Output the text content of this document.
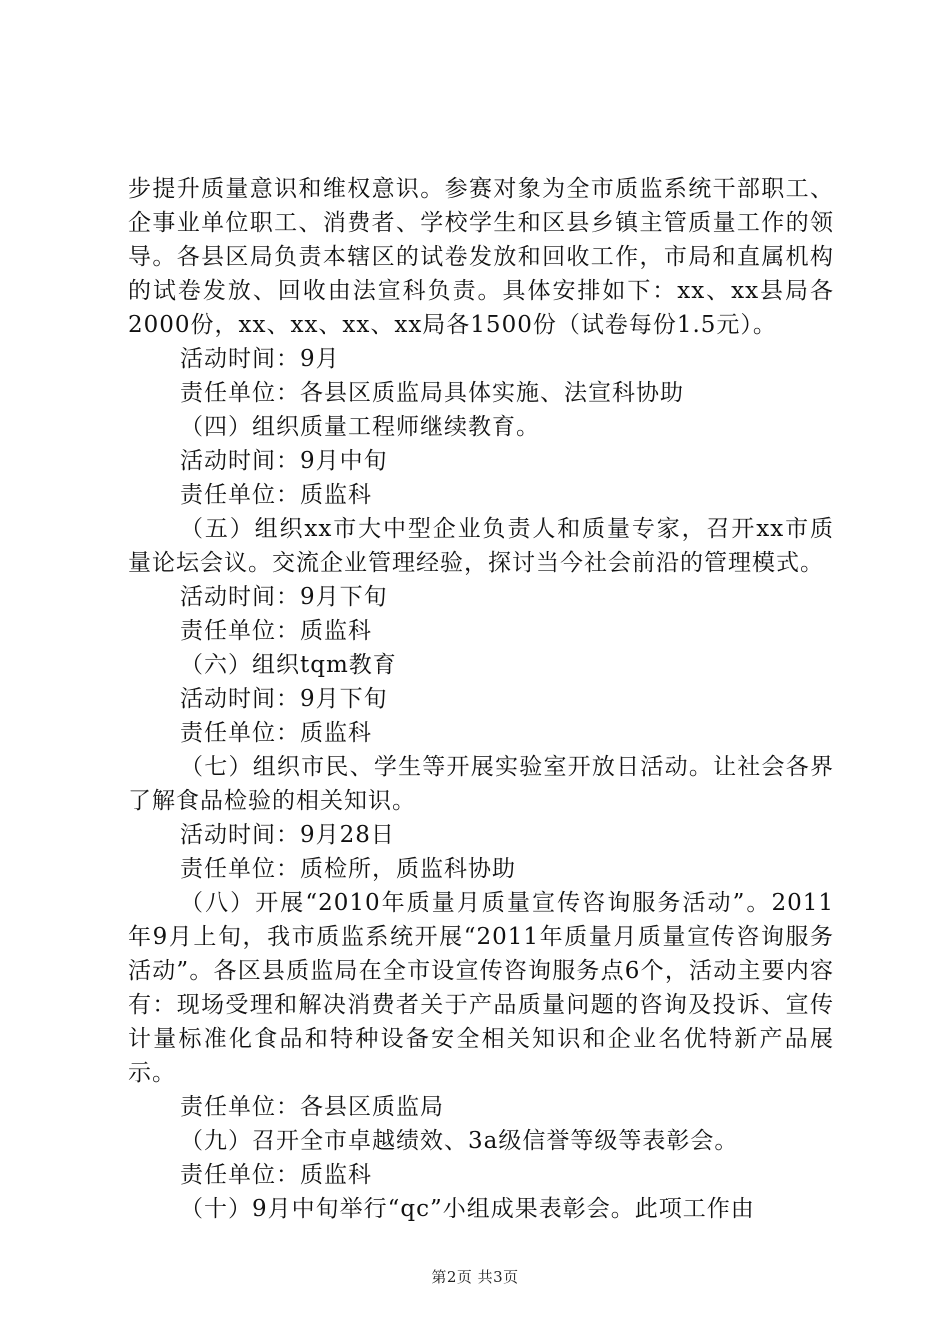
步提升质量意识和维权意识。参赛对象为全市质监系统干部职工、企事业单位职工、消费者、学校学生和区县乡镇主管质量工作的领导。各县区局负责本辖区的试卷发放和回收工作，市局和直属机构的试卷发放、回收由法宣科负责。具体安排如下：xx、xx县局各2000份，xx、xx、xx、xx局各1500份（试卷每份1.5元）。

活动时间：9月

责任单位：各县区质监局具体实施、法宣科协助

（四）组织质量工程师继续教育。

活动时间：9月中旬

责任单位：质监科

（五）组织xx市大中型企业负责人和质量专家，召开xx市质量论坛会议。交流企业管理经验，探讨当今社会前沿的管理模式。

活动时间：9月下旬

责任单位：质监科

（六）组织tqm教育

活动时间：9月下旬

责任单位：质监科

（七）组织市民、学生等开展实验室开放日活动。让社会各界了解食品检验的相关知识。

活动时间：9月28日

责任单位：质检所，质监科协助

（八）开展“2010年质量月质量宣传咨询服务活动”。2011年9月上旬，我市质监系统开展“2011年质量月质量宣传咨询服务活动”。各区县质监局在全市设宣传咨询服务点6个，活动主要内容有：现场受理和解决消费者关于产品质量问题的咨询及投诉、宣传计量标准化食品和特种设备安全相关知识和企业名优特新产品展示。

责任单位：各县区质监局

（九）召开全市卓越绩效、3a级信誉等级等表彰会。

责任单位：质监科

（十）9月中旬举行“qc”小组成果表彰会。此项工作由

第2页 共3页
